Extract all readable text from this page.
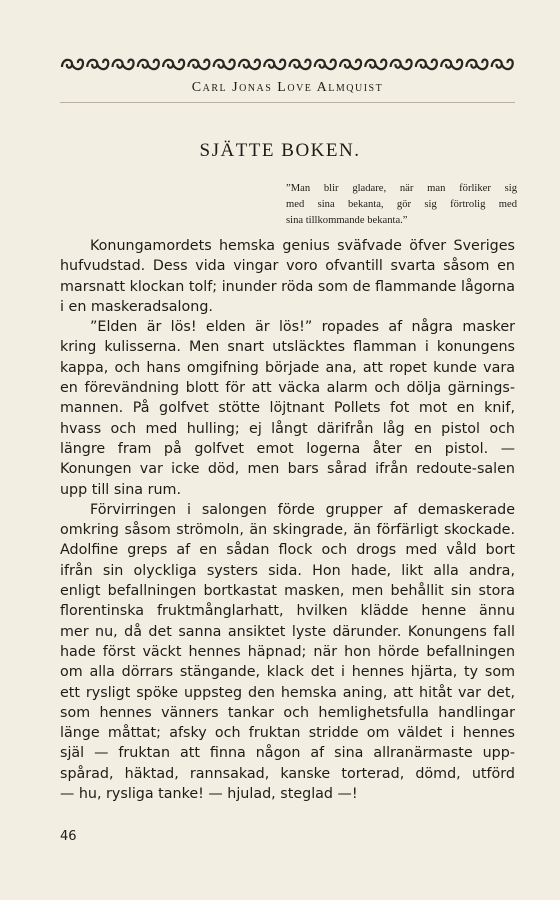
Carl Jonas Love Almquist
SJÄTTE BOKEN.
”Man blir gladare, när man förliker sig
med sina bekanta, gör sig förtrolig med
sina tillkommande bekanta.”
Konungamordets hemska genius sväfvade öfver Sveriges
hufvudstad. Dess vida vingar voro ofvantill svarta såsom en
marsnatt klockan tolf; inunder röda som de flammande lågorna
i en maskeradsalong.
”Elden är lös! elden är lös!” ropades af några masker
kring kulisserna. Men snart utsläcktes flamman i konungens
kappa, och hans omgifning började ana, att ropet kunde vara
en förevändning blott för att väcka alarm och dölja gärnings-
mannen. På golfvet stötte löjtnant Pollets fot mot en knif,
hvass och med hulling; ej långt därifrån låg en pistol och
längre fram på golfvet emot logerna åter en pistol. —
Konungen var icke död, men bars sårad ifrån redoute-salen
upp till sina rum.
Förvirringen i salongen förde grupper af demaskerade
omkring såsom strömoln, än skingrade, än förfärligt skockade.
Adolfine greps af en sådan flock och drogs med våld bort
ifrån sin olyckliga systers sida. Hon hade, likt alla andra,
enligt befallningen bortkastat masken, men behållit sin stora
florentinska fruktmånglarhatt, hvilken klädde henne ännu
mer nu, då det sanna ansiktet lyste därunder. Konungens fall
hade först väckt hennes häpnad; när hon hörde befallningen
om alla dörrars stängande, klack det i hennes hjärta, ty som
ett rysligt spöke uppsteg den hemska aning, att hitåt var det,
som hennes vänners tankar och hemlighetsfulla handlingar
länge måttat; afsky och fruktan stridde om väldet i hennes
själ — fruktan att finna någon af sina allranärmaste upp-
spårad, häktad, rannsakad, kanske torterad, dömd, utförd
— hu, rysliga tanke! — hjulad, steglad —!
46
